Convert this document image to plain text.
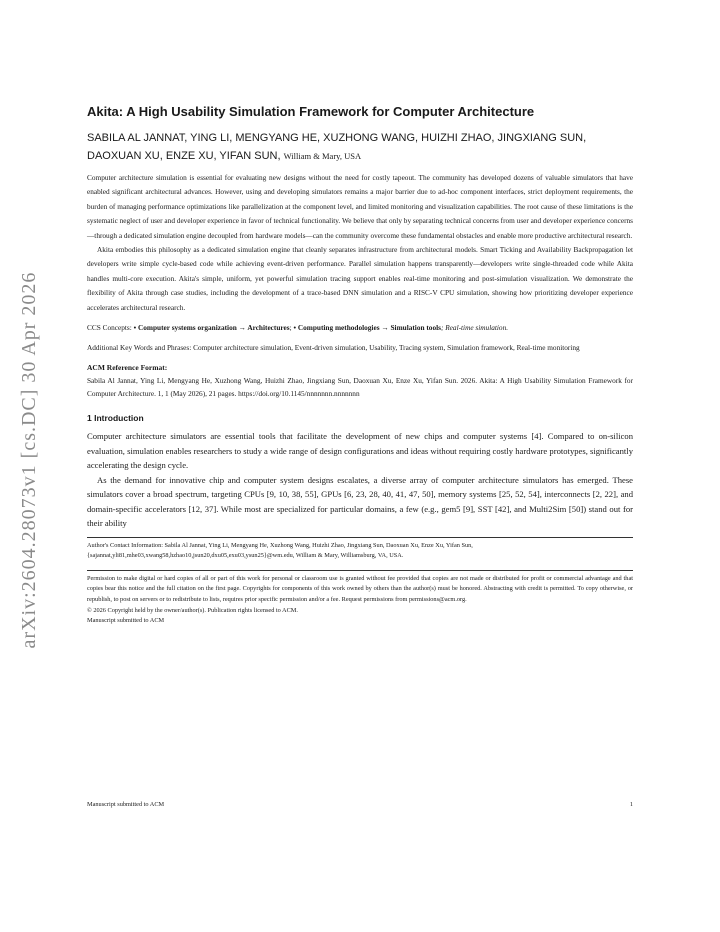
arXiv:2604.28073v1 [cs.DC] 30 Apr 2026
Akita: A High Usability Simulation Framework for Computer Architecture
SABILA AL JANNAT, YING LI, MENGYANG HE, XUZHONG WANG, HUIZHI ZHAO, JINGXIANG SUN, DAOXUAN XU, ENZE XU, YIFAN SUN, William & Mary, USA

Computer architecture simulation is essential for evaluating new designs without the need for costly tapeout. The community has developed dozens of valuable simulators that have enabled significant architectural advances. However, using and developing simulators remains a major barrier due to ad-hoc component interfaces, strict deployment requirements, the burden of managing performance optimizations like parallelization at the component level, and limited monitoring and visualization capabilities. The root cause of these limitations is the systematic neglect of user and developer experience in favor of technical functionality. We believe that only by separating technical concerns from user and developer experience concerns—through a dedicated simulation engine decoupled from hardware models—can the community overcome these fundamental obstacles and enable more productive architectural research.

Akita embodies this philosophy as a dedicated simulation engine that cleanly separates infrastructure from architectural models. Smart Ticking and Availability Backpropagation let developers write simple cycle-based code while achieving event-driven performance. Parallel simulation happens transparently—developers write single-threaded code while Akita handles multi-core execution. Akita's simple, uniform, yet powerful simulation tracing support enables real-time monitoring and post-simulation visualization. We demonstrate the flexibility of Akita through case studies, including the development of a trace-based DNN simulation and a RISC-V CPU simulation, showing how prioritizing developer experience accelerates architectural research.

CCS Concepts: • Computer systems organization → Architectures; • Computing methodologies → Simulation tools; Real-time simulation.
Additional Key Words and Phrases: Computer architecture simulation, Event-driven simulation, Usability, Tracing system, Simulation framework, Real-time monitoring
ACM Reference Format:
Sabila Al Jannat, Ying Li, Mengyang He, Xuzhong Wang, Huizhi Zhao, Jingxiang Sun, Daoxuan Xu, Enze Xu, Yifan Sun. 2026. Akita: A High Usability Simulation Framework for Computer Architecture. 1, 1 (May 2026), 21 pages. https://doi.org/10.1145/nnnnnnn.nnnnnnn
1 Introduction

Computer architecture simulators are essential tools that facilitate the development of new chips and computer systems [4]. Compared to on-silicon evaluation, simulation enables researchers to study a wide range of design configurations and ideas without requiring costly hardware prototypes, significantly accelerating the design cycle.

As the demand for innovative chip and computer system designs escalates, a diverse array of computer architecture simulators has emerged. These simulators cover a broad spectrum, targeting CPUs [9, 10, 38, 55], GPUs [6, 23, 28, 40, 41, 47, 50], memory systems [25, 52, 54], interconnects [2, 22], and domain-specific accelerators [12, 37]. While most are specialized for particular domains, a few (e.g., gem5 [9], SST [42], and Multi2Sim [50]) stand out for their ability

Author's Contact Information: Sabila Al Jannat, Ying Li, Mengyang He, Xuzhong Wang, Huizhi Zhao, Jingxiang Sun, Daoxuan Xu, Enze Xu, Yifan Sun, {sajannat,yli81,mhe03,xwang58,hzhao10,jsun20,dxu05,exu03,ysun25}@wm.edu, William & Mary, Williamsburg, VA, USA.
Permission to make digital or hard copies of all or part of this work for personal or classroom use is granted without fee provided that copies are not made or distributed for profit or commercial advantage and that copies bear this notice and the full citation on the first page. Copyrights for components of this work owned by others than the author(s) must be honored. Abstracting with credit is permitted. To copy otherwise, or republish, to post on servers or to redistribute to lists, requires prior specific permission and/or a fee. Request permissions from permissions@acm.org.
© 2026 Copyright held by the owner/author(s). Publication rights licensed to ACM.
Manuscript submitted to ACM
Manuscript submitted to ACM	1
